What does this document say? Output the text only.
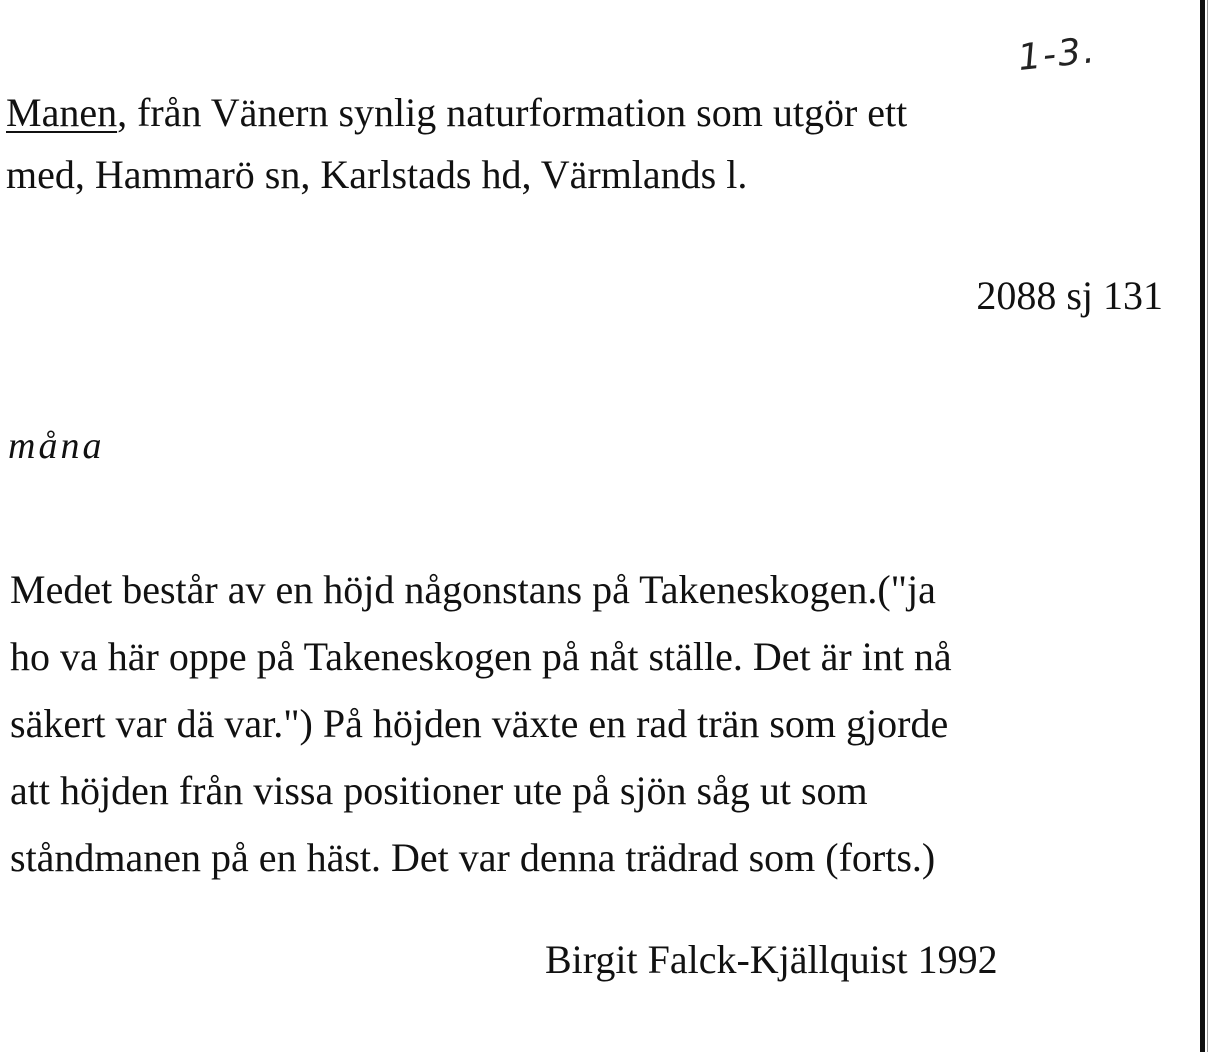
1-3.
Manen, från Vänern synlig naturformation som utgör ett
med, Hammarö sn, Karlstads hd, Värmlands l.
2088 sj 131
måna
Medet består av en höjd någonstans på Takeneskogen.("ja
ho va här oppe på Takeneskogen på nåt ställe. Det är int nå
säkert var dä var.") På höjden växte en rad trän som gjorde
att höjden från vissa positioner ute på sjön såg ut som
ståndmanen på en häst. Det var denna trädrad som (forts.)
Birgit Falck-Kjällquist 1992
